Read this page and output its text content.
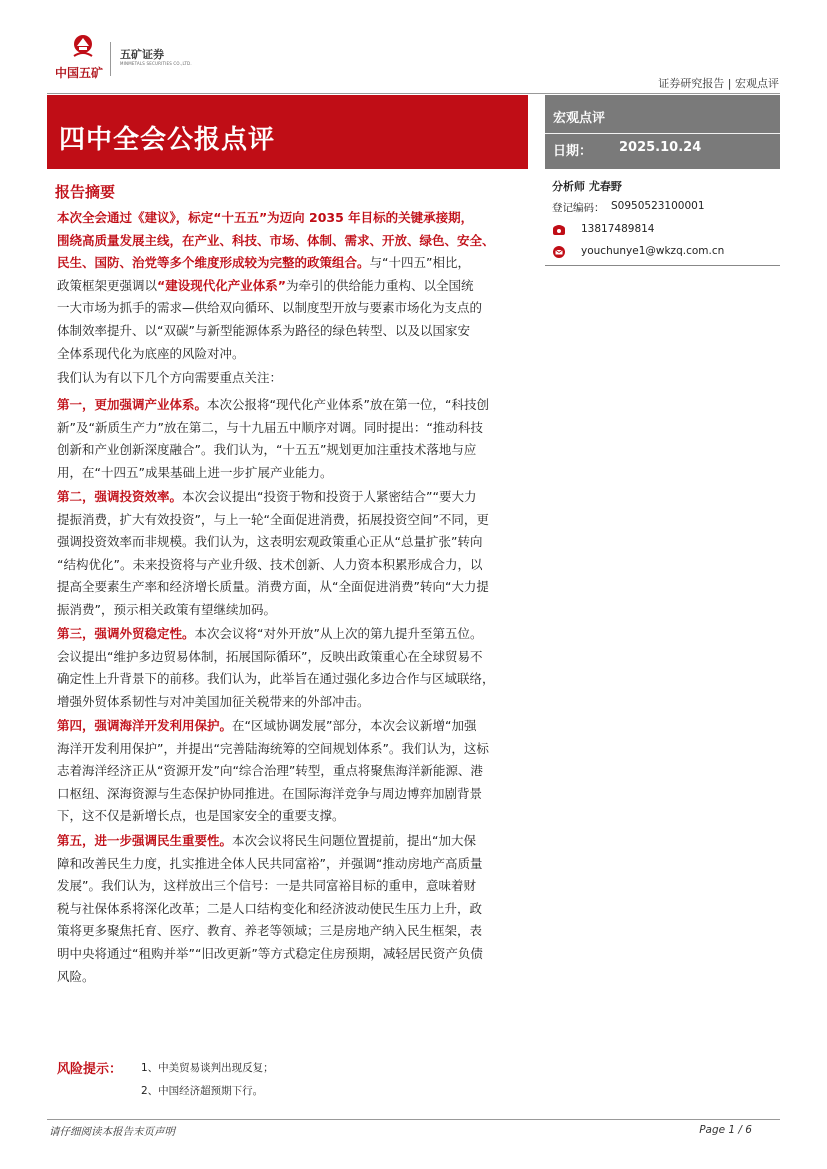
中国五矿
五矿证券
MINMETALS SECURITIES CO.,LTD.
证券研究报告 | 宏观点评
四中全会公报点评
宏观点评
日期： 2025.10.24
分析师 尤春野
登记编码： S0950523100001
13817489814
youchunye1@wkzq.com.cn
报告摘要
本次全会通过《建议》，标定“十五五”为迈向 2035 年目标的关键承接期，
围绕高质量发展主线，在产业、科技、市场、体制、需求、开放、绿色、安全、
民生、国防、治党等多个维度形成较为完整的政策组合。与“十四五”相比，
政策框架更强调以“建设现代化产业体系”为牵引的供给能力重构、以全国统
一大市场为抓手的需求—供给双向循环、以制度型开放与要素市场化为支点的
体制效率提升、以“双碳”与新型能源体系为路径的绿色转型、以及以国家安
全体系现代化为底座的风险对冲。
我们认为有以下几个方向需要重点关注：
第一，更加强调产业体系。本次公报将“现代化产业体系”放在第一位，“科技创
新”及“新质生产力”放在第二，与十九届五中顺序对调。同时提出：“推动科技
创新和产业创新深度融合”。我们认为，“十五五”规划更加注重技术落地与应
用，在“十四五”成果基础上进一步扩展产业能力。
第二，强调投资效率。本次会议提出“投资于物和投资于人紧密结合”“要大力
提振消费，扩大有效投资”，与上一轮“全面促进消费，拓展投资空间”不同，更
强调投资效率而非规模。我们认为，这表明宏观政策重心正从“总量扩张”转向
“结构优化”。未来投资将与产业升级、技术创新、人力资本积累形成合力，以
提高全要素生产率和经济增长质量。消费方面，从“全面促进消费”转向“大力提
振消费”，预示相关政策有望继续加码。
第三，强调外贸稳定性。本次会议将“对外开放”从上次的第九提升至第五位。
会议提出“维护多边贸易体制，拓展国际循环”，反映出政策重心在全球贸易不
确定性上升背景下的前移。我们认为，此举旨在通过强化多边合作与区域联络，
增强外贸体系韧性与对冲美国加征关税带来的外部冲击。
第四，强调海洋开发利用保护。在“区域协调发展”部分，本次会议新增“加强
海洋开发利用保护”，并提出“完善陆海统筹的空间规划体系”。我们认为，这标
志着海洋经济正从“资源开发”向“综合治理”转型，重点将聚焦海洋新能源、港
口枢纽、深海资源与生态保护协同推进。在国际海洋竞争与周边博弈加剧背景
下，这不仅是新增长点，也是国家安全的重要支撑。
第五，进一步强调民生重要性。本次会议将民生问题位置提前，提出“加大保
障和改善民生力度，扎实推进全体人民共同富裕”，并强调“推动房地产高质量
发展”。我们认为，这样放出三个信号：一是共同富裕目标的重申，意味着财
税与社保体系将深化改革；二是人口结构变化和经济波动使民生压力上升，政
策将更多聚焦托育、医疗、教育、养老等领域；三是房地产纳入民生框架，表
明中央将通过“租购并举”“旧改更新”等方式稳定住房预期，减轻居民资产负债
风险。
风险提示： 1、中美贸易谈判出现反复；
2、中国经济超预期下行。
请仔细阅读本报告末页声明	Page 1 / 6
